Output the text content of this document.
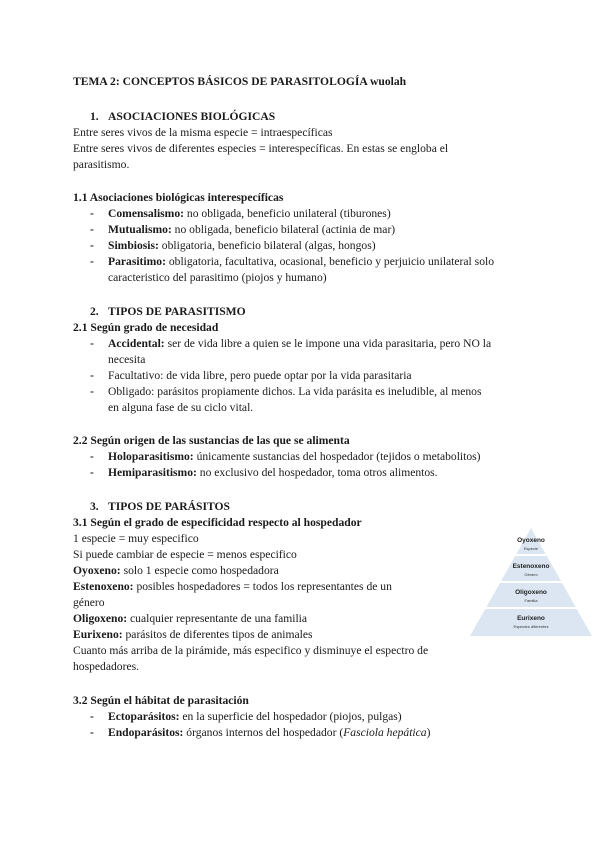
TEMA 2: CONCEPTOS BÁSICOS DE PARASITOLOGÍA wuolah
1. ASOCIACIONES BIOLÓGICAS
Entre seres vivos de la misma especie = intraespecíficas
Entre seres vivos de diferentes especies = interespecíficas. En estas se engloba el
parasitismo.
1.1 Asociaciones biológicas interespecíficas
- Comensalismo: no obligada, beneficio unilateral (tiburones)
- Mutualismo: no obligada, beneficio bilateral (actinia de mar)
- Simbiosis: obligatoria, beneficio bilateral (algas, hongos)
- Parasitimo: obligatoria, facultativa, ocasional, beneficio y perjuicio unilateral solo
caracteristico del parasitimo (piojos y humano)
2. TIPOS DE PARASITISMO
2.1 Según grado de necesidad
- Accidental: ser de vida libre a quien se le impone una vida parasitaria, pero NO la
necesita
- Facultativo: de vida libre, pero puede optar por la vida parasitaria
- Obligado: parásitos propiamente dichos. La vida parásita es ineludible, al menos
en alguna fase de su ciclo vital.
2.2 Según origen de las sustancias de las que se alimenta
- Holoparasitismo: únicamente sustancias del hospedador (tejidos o metabolitos)
- Hemiparasitismo: no exclusivo del hospedador, toma otros alimentos.
3. TIPOS DE PARÁSITOS
3.1 Según el grado de especificidad respecto al hospedador
1 especie = muy especifico
Si puede cambiar de especie = menos especifico
Oyoxeno: solo 1 especie como hospedadora
Estenoxeno: posibles hospedadores = todos los representantes de un
género
Oligoxeno: cualquier representante de una familia
Eurixeno: parásitos de diferentes tipos de animales
Cuanto más arriba de la pirámide, más especifico y disminuye el espectro de
hospedadores.
3.2 Según el hábitat de parasitación
- Ectoparásitos: en la superficie del hospedador (piojos, pulgas)
- Endoparásitos: órganos internos del hospedador (Fasciola hepática)
Oyoxeno
Especie
Estenoxeno
Género
Oligoxeno
Familia
Eurixeno
Especies diferentes
